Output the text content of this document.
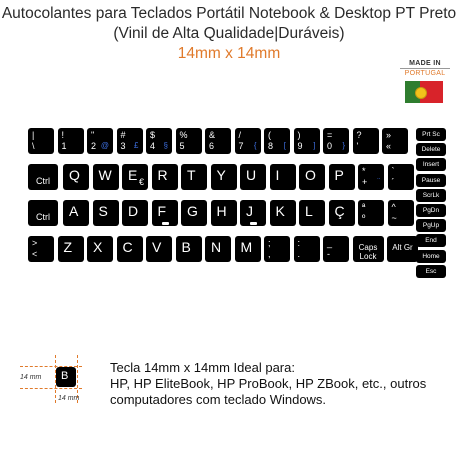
Autocolantes para Teclados Portátil Notebook & Desktop PT Preto
(Vinil de Alta Qualidade|Duráveis)
14mm x 14mm
MADE IN
PORTUGAL
|
\
!
1
"
2 @
#
3 £
$
4 §
%
5
&
6
/
7 {
(
8 [
)
9 ]
=
0 }
?
'
»
«
Ctrl	Q W E € R T Y U I O P *
+ ¨
`
´
Ctrl	A S D F G H J K L Ç ª
º
^
~
>
< Z X C V B N M ;
,
:
.
_
-
Caps Lock
Alt Gr
Prt Sc
Delete
Insert
Pause
ScrLk
PgDn
PgUp
End
Home
Esc
B
14 mm
14 mm
Tecla 14mm x 14mm Ideal para:
HP, HP EliteBook, HP ProBook, HP ZBook, etc., outros
computadores com teclado Windows.
